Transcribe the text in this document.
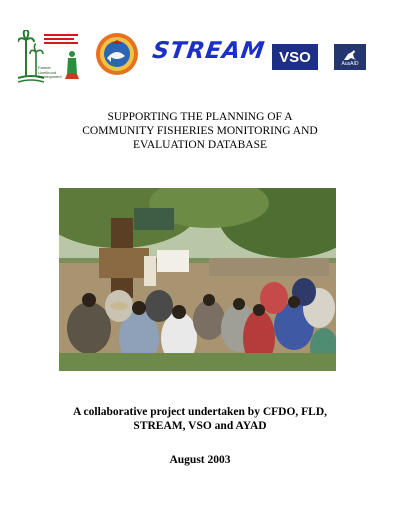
Farmer Livelihood Development
STREAM VSO	AusAID
SUPPORTING THE PLANNING OF A
COMMUNITY FISHERIES MONITORING AND
EVALUATION DATABASE
A collaborative project undertaken by CFDO, FLD,
STREAM, VSO and AYAD
August 2003
